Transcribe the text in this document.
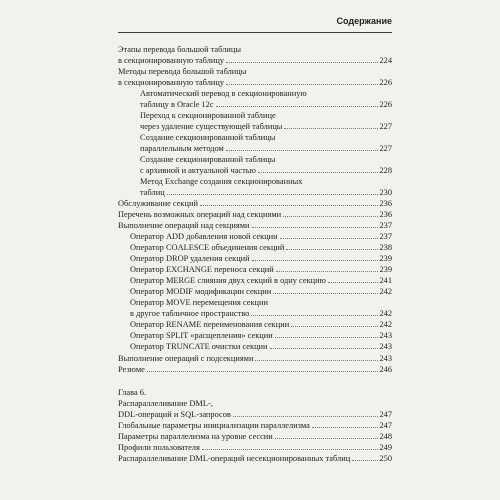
Содержание
Этапы перевода большой таблицы
в секционированную таблицу	224
Методы перевода большой таблицы
в секционированную таблицу	226
Автоматический перевод в секционированную
таблицу в Oracle 12c	226
Переход к секционированной таблице
через удаление существующей таблицы	227
Создание секционированной таблицы
параллельным методом	227
Создание секционированной таблицы
с архивной и актуальной частью	228
Метод Exchange создания секционированных
таблиц	230
Обслуживание секций	236
Перечень возможных операций над секциями	236
Выполнение операций над секциями	237
Оператор ADD добавления новой секции	237
Оператор COALESCE объединения секций	238
Оператор DROP удаления секций	239
Оператор EXCHANGE переноса секций	239
Оператор MERGE слияния двух секций в одну секцию	241
Оператор MODIF модификации секции	242
Оператор MOVE перемещения секции
в другое табличное пространство	242
Оператор RENAME переименования секции	242
Оператор SPLIT «расщепления» секции	243
Оператор TRUNCATE очистки секции	243
Выполнение операций с подсекциями	243
Резюме	246
Глава 6.
Распараллеливание DML-,
DDL-операций и SQL-запросов	247
Глобальные параметры инициализации параллелизма	247
Параметры параллелизма на уровне сессии	248
Профили пользователя	249
Распараллеливание DML-операций несекционированных таблиц	250
